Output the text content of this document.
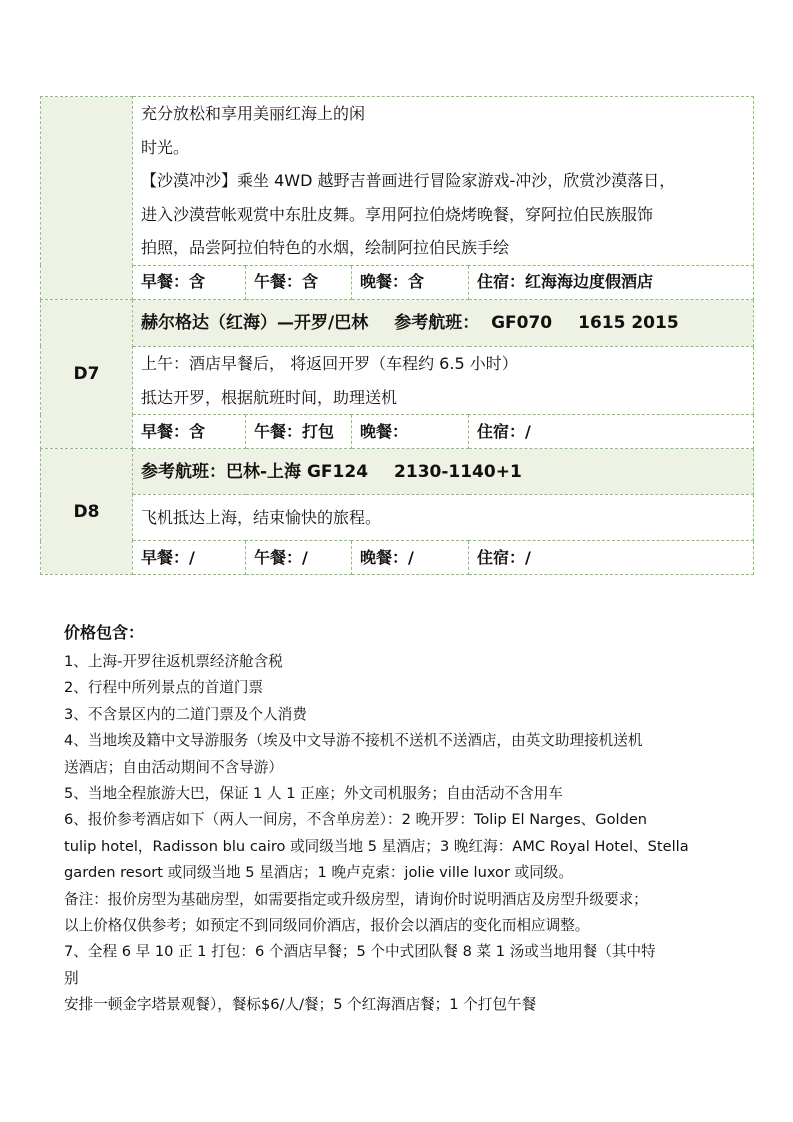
	充分放松和享用美丽红海上的闲
时光。
【沙漠冲沙】乘坐 4WD 越野吉普画进行冒险家游戏-冲沙，欣赏沙漠落日，
进入沙漠营帐观赏中东肚皮舞。享用阿拉伯烧烤晚餐，穿阿拉伯民族服饰
拍照，品尝阿拉伯特色的水烟，绘制阿拉伯民族手绘			

	早餐：含	午餐：含	晚餐：含	住宿：红海海边度假酒店
D7	赫尔格达（红海）—开罗/巴林 参考航班： GF070 1615 2015			

	上午：酒店早餐后， 将返回开罗（车程约 6.5 小时）
抵达开罗，根据航班时间，助理送机			

	早餐：含	午餐：打包	晚餐：	住宿：/
D8	参考航班：巴林-上海 GF124 2130-1140+1			

	飞机抵达上海，结束愉快的旅程。			

	早餐：/	午餐：/	晚餐：/	住宿：/
价格包含：
1、上海-开罗往返机票经济舱含税
2、行程中所列景点的首道门票
3、不含景区内的二道门票及个人消费
4、当地埃及籍中文导游服务（埃及中文导游不接机不送机不送酒店，由英文助理接机送机
送酒店；自由活动期间不含导游）
5、当地全程旅游大巴，保证 1 人 1 正座；外文司机服务；自由活动不含用车
6、报价参考酒店如下（两人一间房，不含单房差）：2 晚开罗：Tolip El Narges、Golden
tulip hotel，Radisson blu cairo 或同级当地 5 星酒店；3 晚红海：AMC Royal Hotel、Stella
garden resort 或同级当地 5 星酒店；1 晚卢克索：jolie ville luxor 或同级。
备注：报价房型为基础房型，如需要指定或升级房型，请询价时说明酒店及房型升级要求；
以上价格仅供参考；如预定不到同级同价酒店，报价会以酒店的变化而相应调整。
7、全程 6 早 10 正 1 打包：6 个酒店早餐；5 个中式团队餐 8 菜 1 汤或当地用餐（其中特
别
安排一顿金字塔景观餐），餐标$6/人/餐；5 个红海酒店餐；1 个打包午餐
